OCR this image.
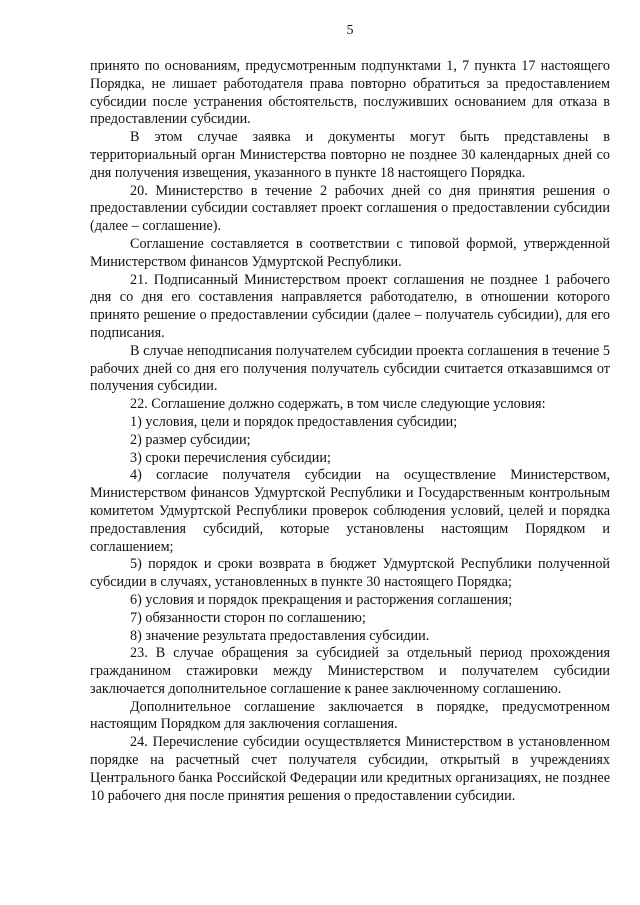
5

принято по основаниям, предусмотренным подпунктами 1, 7 пункта 17 настоящего Порядка, не лишает работодателя права повторно обратиться за предоставлением субсидии после устранения обстоятельств, послуживших основанием для отказа в предоставлении субсидии.

В этом случае заявка и документы могут быть представлены в территориальный орган Министерства повторно не позднее 30 календарных дней со дня получения извещения, указанного в пункте 18 настоящего Порядка.

20. Министерство в течение 2 рабочих дней со дня принятия решения о предоставлении субсидии составляет проект соглашения о предоставлении субсидии (далее – соглашение).

Соглашение составляется в соответствии с типовой формой, утвержденной Министерством финансов Удмуртской Республики.

21. Подписанный Министерством проект соглашения не позднее 1 рабочего дня со дня его составления направляется работодателю, в отношении которого принято решение о предоставлении субсидии (далее – получатель субсидии), для его подписания.

В случае неподписания получателем субсидии проекта соглашения в течение 5 рабочих дней со дня его получения получатель субсидии считается отказавшимся от получения субсидии.

22. Соглашение должно содержать, в том числе следующие условия:

1) условия, цели и порядок предоставления субсидии;

2) размер субсидии;

3) сроки перечисления субсидии;

4) согласие получателя субсидии на осуществление Министерством, Министерством финансов Удмуртской Республики и Государственным контрольным комитетом Удмуртской Республики проверок соблюдения условий, целей и порядка предоставления субсидий, которые установлены настоящим Порядком и соглашением;

5) порядок и сроки возврата в бюджет Удмуртской Республики полученной субсидии в случаях, установленных в пункте 30 настоящего Порядка;

6) условия и порядок прекращения и расторжения соглашения;

7) обязанности сторон по соглашению;

8) значение результата предоставления субсидии.

23. В случае обращения за субсидией за отдельный период прохождения гражданином стажировки между Министерством и получателем субсидии заключается дополнительное соглашение к ранее заключенному соглашению.

Дополнительное соглашение заключается в порядке, предусмотренном настоящим Порядком для заключения соглашения.

24. Перечисление субсидии осуществляется Министерством в установленном порядке на расчетный счет получателя субсидии, открытый в учреждениях Центрального банка Российской Федерации или кредитных организациях, не позднее 10 рабочего дня после принятия решения о предоставлении субсидии.
